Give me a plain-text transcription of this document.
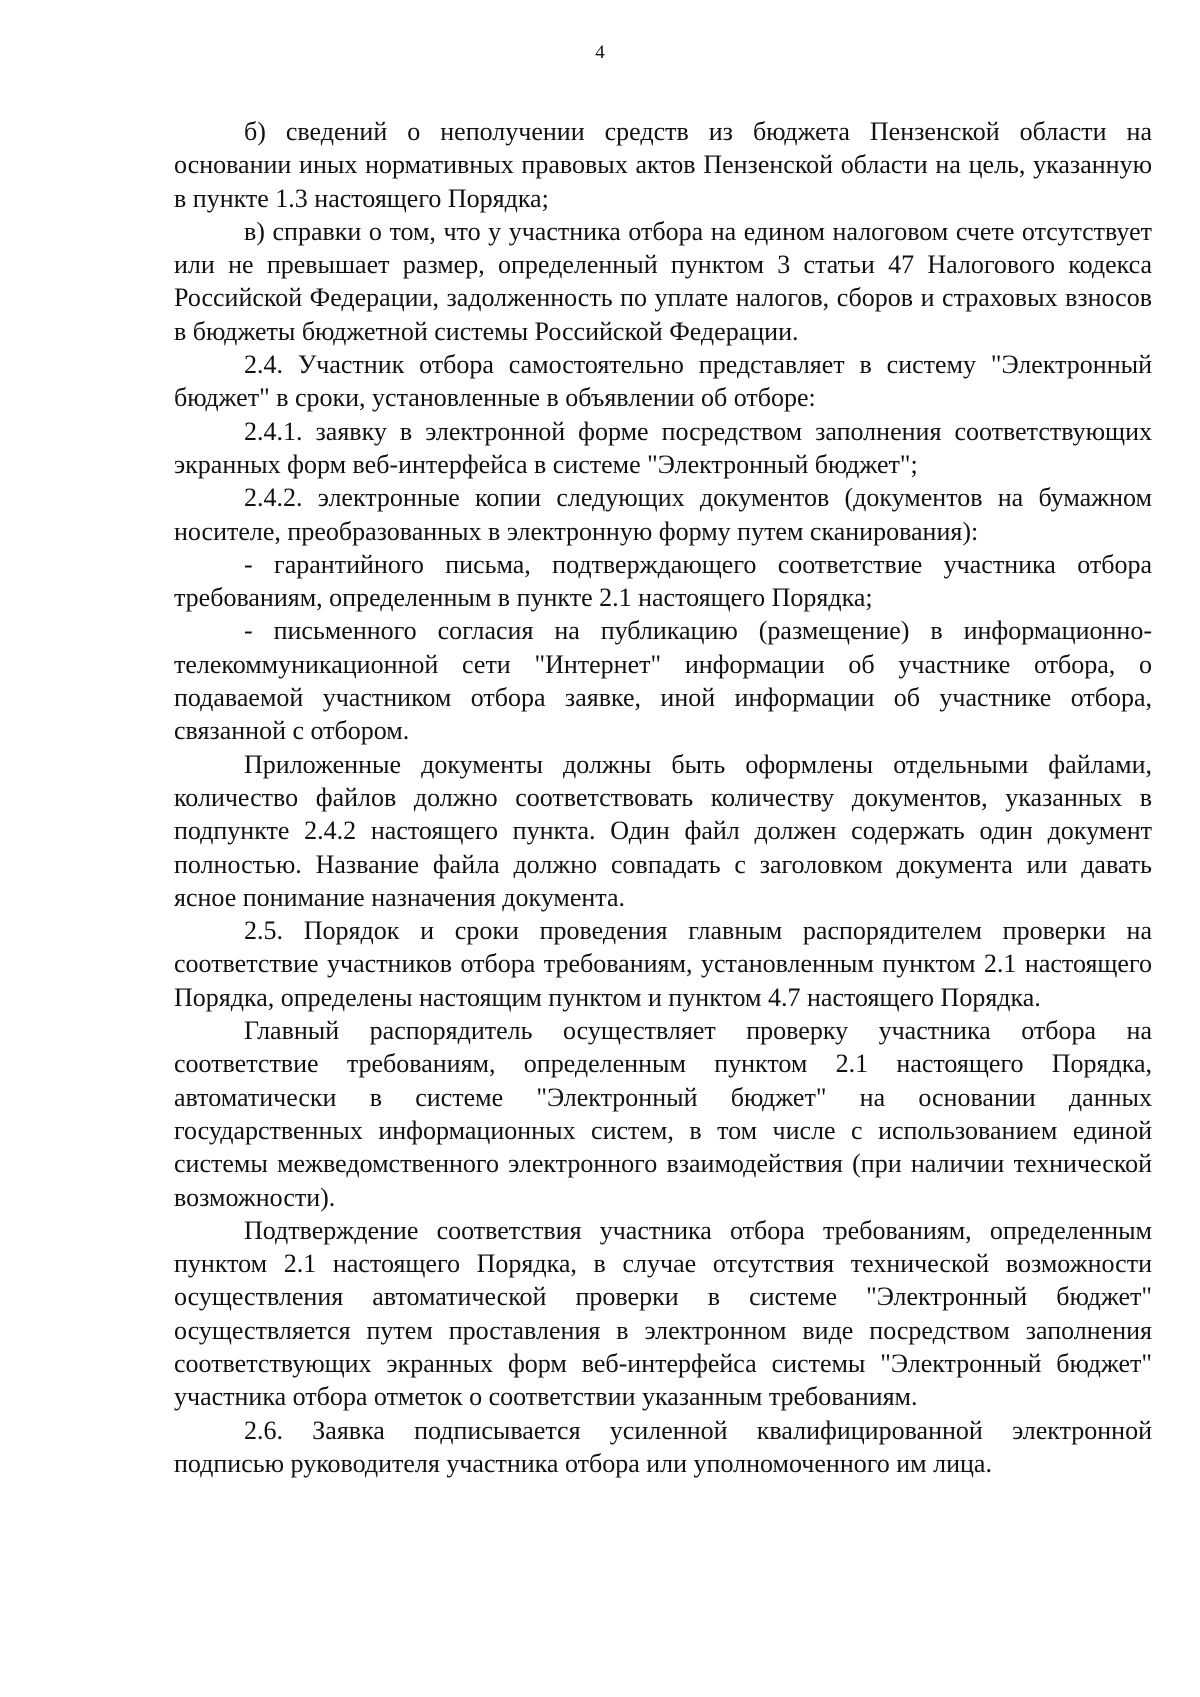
4

б) сведений о неполучении средств из бюджета Пензенской области на основании иных нормативных правовых актов Пензенской области на цель, указанную в пункте 1.3 настоящего Порядка;

в) справки о том, что у участника отбора на едином налоговом счете отсутствует или не превышает размер, определенный пунктом 3 статьи 47 Налогового кодекса Российской Федерации, задолженность по уплате налогов, сборов и страховых взносов в бюджеты бюджетной системы Российской Федерации.

2.4. Участник отбора самостоятельно представляет в систему "Электронный бюджет" в сроки, установленные в объявлении об отборе:

2.4.1. заявку в электронной форме посредством заполнения соответствующих экранных форм веб-интерфейса в системе "Электронный бюджет";

2.4.2. электронные копии следующих документов (документов на бумажном носителе, преобразованных в электронную форму путем сканирования):

- гарантийного письма, подтверждающего соответствие участника отбора требованиям, определенным в пункте 2.1 настоящего Порядка;

- письменного согласия на публикацию (размещение) в информационно-телекоммуникационной сети "Интернет" информации об участнике отбора, о подаваемой участником отбора заявке, иной информации об участнике отбора, связанной с отбором.

Приложенные документы должны быть оформлены отдельными файлами, количество файлов должно соответствовать количеству документов, указанных в подпункте 2.4.2 настоящего пункта. Один файл должен содержать один документ полностью. Название файла должно совпадать с заголовком документа или давать ясное понимание назначения документа.

2.5. Порядок и сроки проведения главным распорядителем проверки на соответствие участников отбора требованиям, установленным пунктом 2.1 настоящего Порядка, определены настоящим пунктом и пунктом 4.7 настоящего Порядка.

Главный распорядитель осуществляет проверку участника отбора на соответствие требованиям, определенным пунктом 2.1 настоящего Порядка, автоматически в системе "Электронный бюджет" на основании данных государственных информационных систем, в том числе с использованием единой системы межведомственного электронного взаимодействия (при наличии технической возможности).

Подтверждение соответствия участника отбора требованиям, определенным пунктом 2.1 настоящего Порядка, в случае отсутствия технической возможности осуществления автоматической проверки в системе "Электронный бюджет" осуществляется путем проставления в электронном виде посредством заполнения соответствующих экранных форм веб-интерфейса системы "Электронный бюджет" участника отбора отметок о соответствии указанным требованиям.

2.6. Заявка подписывается усиленной квалифицированной электронной подписью руководителя участника отбора или уполномоченного им лица.
